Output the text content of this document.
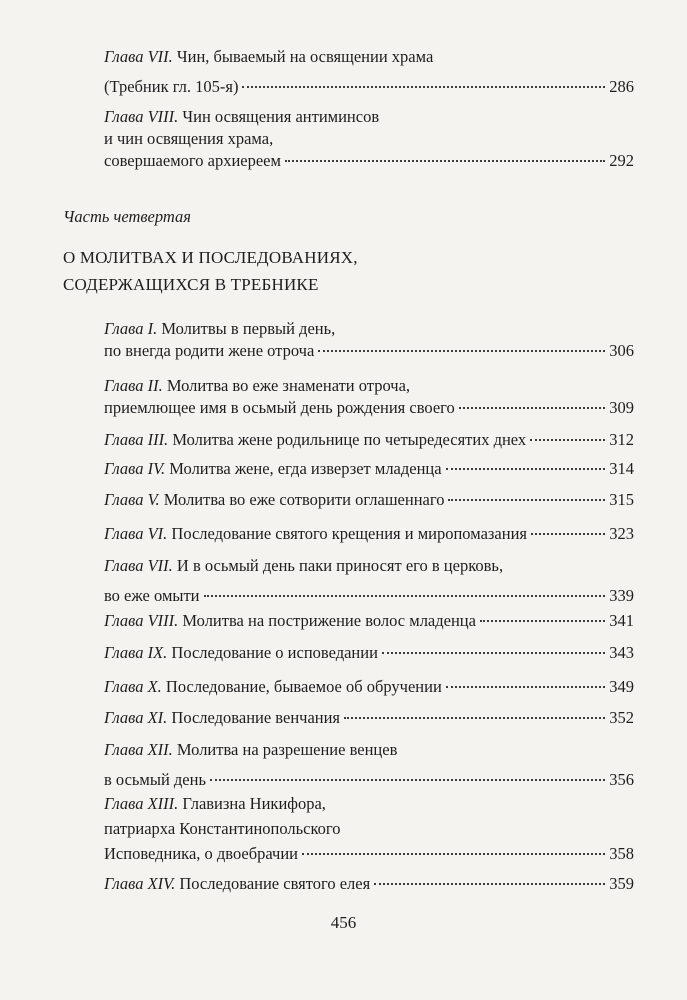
Глава VII. Чин, бываемый на освящении храма
(Требник гл. 105-я)	286
Глава VIII. Чин освящения антиминсов
и чин освящения храма,
совершаемого архиереем	292
Часть четвертая
О МОЛИТВАХ И ПОСЛЕДОВАНИЯХ, СОДЕРЖАЩИХСЯ В ТРЕБНИКЕ
Глава I. Молитвы в первый день,
по внегда родити жене отроча	306
Глава II. Молитва во еже знаменати отроча,
приемлющее имя в осьмый день рождения своего	309
Глава III. Молитва жене родильнице по четыредесятих днех	312
Глава IV. Молитва жене, егда изверзет младенца	314
Глава V. Молитва во еже сотворити оглашеннаго	315
Глава VI. Последование святого крещения и миропомазания	323
Глава VII. И в осьмый день паки приносят его в церковь,
во еже омыти	339
Глава VIII. Молитва на пострижение волос младенца	341
Глава IX. Последование о исповедании	343
Глава X. Последование, бываемое об обручении	349
Глава XI. Последование венчания	352
Глава XII. Молитва на разрешение венцев
в осьмый день	356
Глава XIII. Главизна Никифора,
патриарха Константинопольского
Исповедника, о двоебрачии	358
Глава XIV. Последование святого елея	359
456
